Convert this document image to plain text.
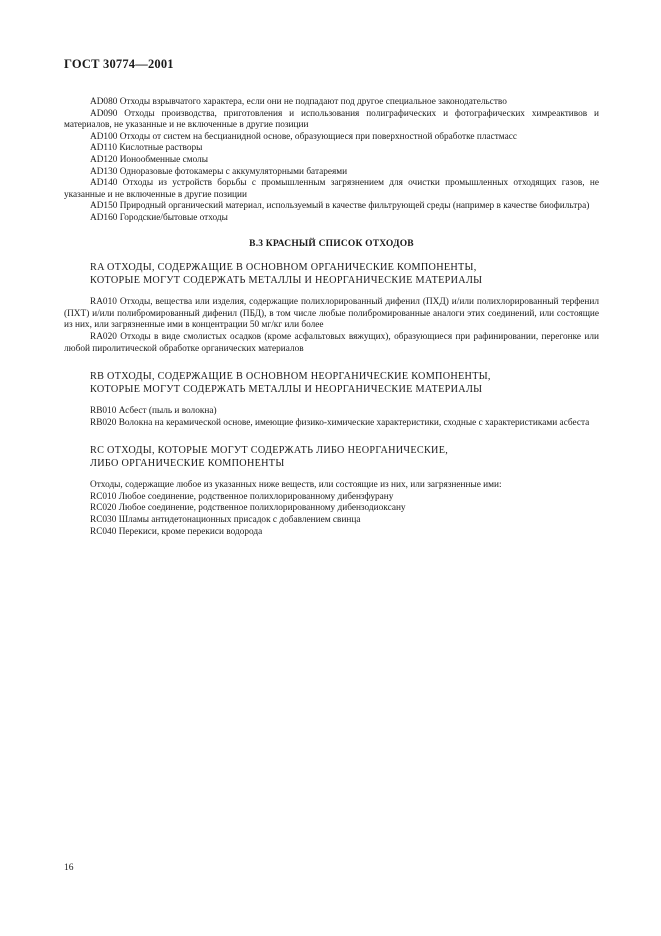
ГОСТ 30774—2001

AD080 Отходы взрывчатого характера, если они не подпадают под другое специальное законодательство

AD090 Отходы производства, приготовления и использования полиграфических и фотографических химреактивов и материалов, не указанные и не включенные в другие позиции

AD100 Отходы от систем на бесцианидной основе, образующиеся при поверхностной обработке пластмасс

AD110 Кислотные растворы

AD120 Ионообменные смолы

AD130 Одноразовые фотокамеры с аккумуляторными батареями

AD140 Отходы из устройств борьбы с промышленным загрязнением для очистки промышленных отходящих газов, не указанные и не включенные в другие позиции

AD150 Природный органический материал, используемый в качестве фильтрующей среды (например в качестве биофильтра)

AD160 Городские/бытовые отходы

В.3 КРАСНЫЙ СПИСОК ОТХОДОВ
RA ОТХОДЫ, СОДЕРЖАЩИЕ В ОСНОВНОМ ОРГАНИЧЕСКИЕ КОМПОНЕНТЫ,
КОТОРЫЕ МОГУТ СОДЕРЖАТЬ МЕТАЛЛЫ И НЕОРГАНИЧЕСКИЕ МАТЕРИАЛЫ

RA010 Отходы, вещества или изделия, содержащие полихлорированный дифенил (ПХД) и/или полихлорированный терфенил (ПХТ) и/или полибромированный дифенил (ПБД), в том числе любые полибромированные аналоги этих соединений, или состоящие из них, или загрязненные ими в концентрации 50 мг/кг или более

RA020 Отходы в виде смолистых осадков (кроме асфальтовых вяжущих), образующиеся при рафинировании, перегонке или любой пиролитической обработке органических материалов

RB ОТХОДЫ, СОДЕРЖАЩИЕ В ОСНОВНОМ НЕОРГАНИЧЕСКИЕ КОМПОНЕНТЫ,
КОТОРЫЕ МОГУТ СОДЕРЖАТЬ МЕТАЛЛЫ И НЕОРГАНИЧЕСКИЕ МАТЕРИАЛЫ

RB010 Асбест (пыль и волокна)

RB020 Волокна на керамической основе, имеющие физико-химические характеристики, сходные с характеристиками асбеста

RC ОТХОДЫ, КОТОРЫЕ МОГУТ СОДЕРЖАТЬ ЛИБО НЕОРГАНИЧЕСКИЕ,
ЛИБО ОРГАНИЧЕСКИЕ КОМПОНЕНТЫ

Отходы, содержащие любое из указанных ниже веществ, или состоящие из них, или загрязненные ими:

RC010 Любое соединение, родственное полихлорированному дибензфурану

RC020 Любое соединение, родственное полихлорированному дибензодиоксану

RC030 Шламы антидетонационных присадок с добавлением свинца

RC040 Перекиси, кроме перекиси водорода

16
